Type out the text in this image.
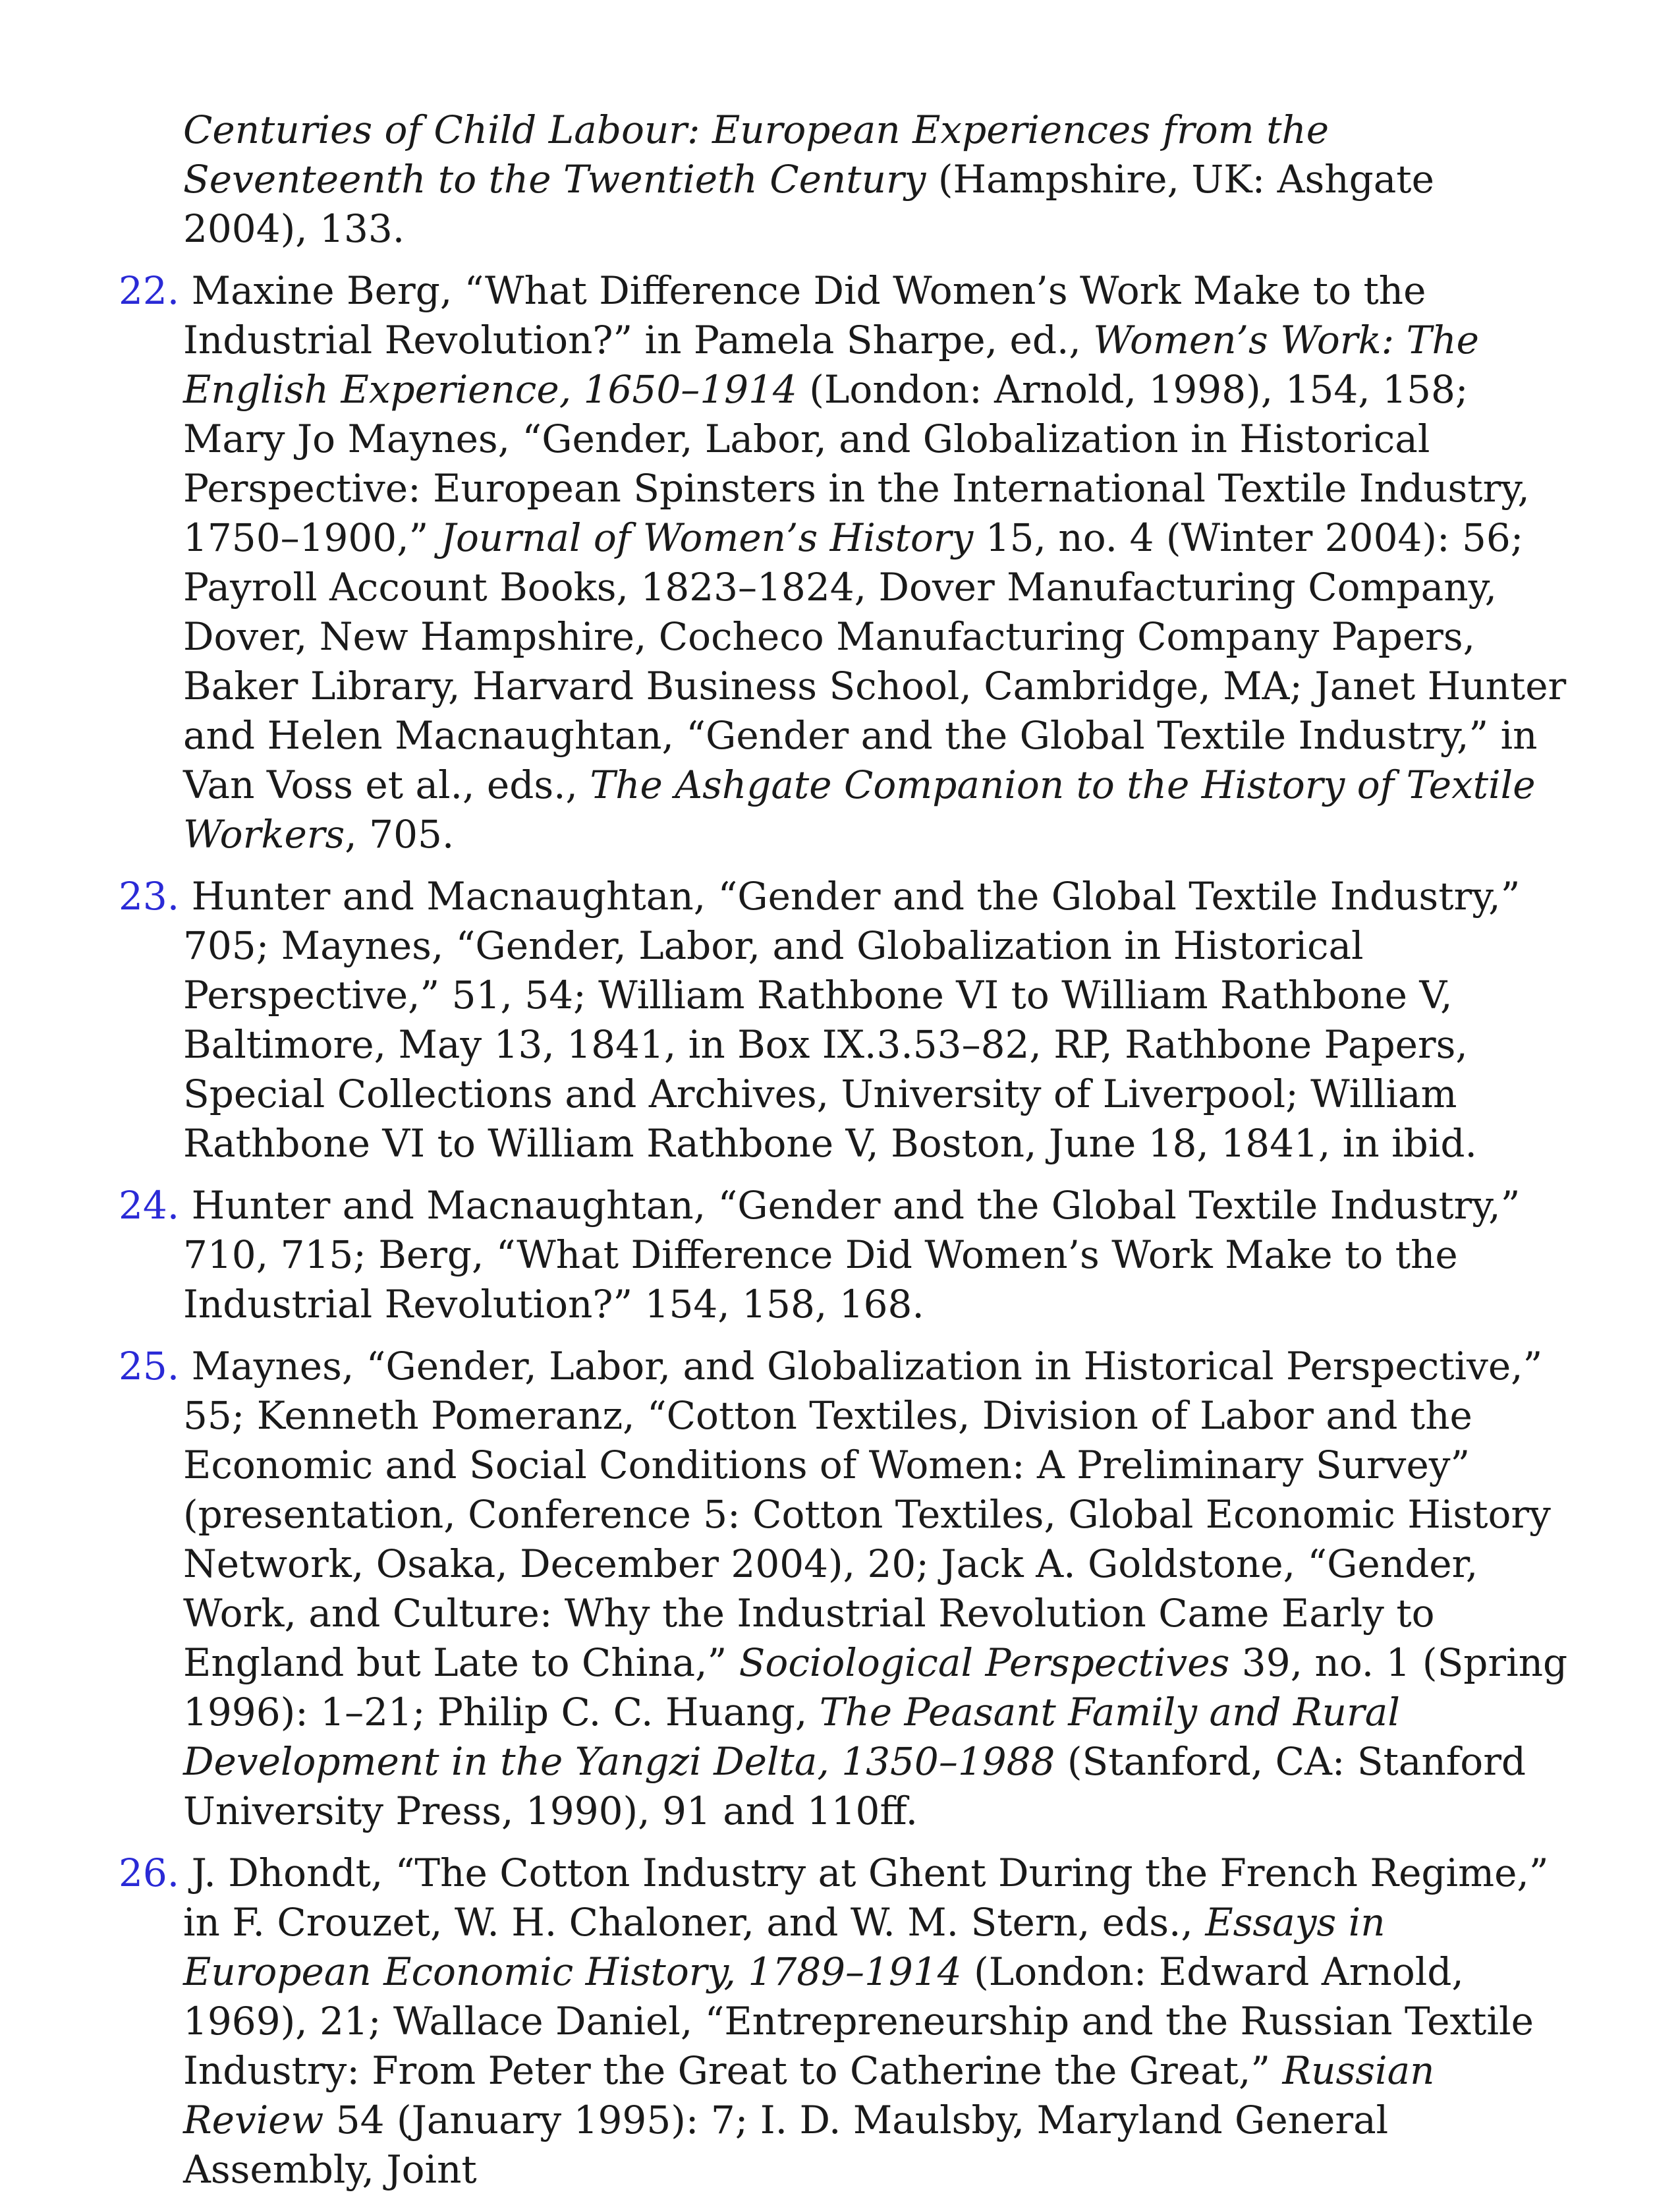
Centuries of Child Labour: European Experiences from the Seventeenth to the Twentieth Century (Hampshire, UK: Ashgate 2004), 133.

22. Maxine Berg, “What Difference Did Women’s Work Make to the Industrial Revolution?” in Pamela Sharpe, ed., Women’s Work: The English Experience, 1650–1914 (London: Arnold, 1998), 154, 158; Mary Jo Maynes, “Gender, Labor, and Globalization in Historical Perspective: European Spinsters in the International Textile Industry, 1750–1900,” Journal of Women’s History 15, no. 4 (Winter 2004): 56; Payroll Account Books, 1823–1824, Dover Manufacturing Company, Dover, New Hampshire, Cocheco Manufacturing Company Papers, Baker Library, Harvard Business School, Cambridge, MA; Janet Hunter and Helen Macnaughtan, “Gender and the Global Textile Industry,” in Van Voss et al., eds., The Ashgate Companion to the History of Textile Workers, 705.

23. Hunter and Macnaughtan, “Gender and the Global Textile Industry,” 705; Maynes, “Gender, Labor, and Globalization in Historical Perspective,” 51, 54; William Rathbone VI to William Rathbone V, Baltimore, May 13, 1841, in Box IX.3.53–82, RP, Rathbone Papers, Special Collections and Archives, University of Liverpool; William Rathbone VI to William Rathbone V, Boston, June 18, 1841, in ibid.

24. Hunter and Macnaughtan, “Gender and the Global Textile Industry,” 710, 715; Berg, “What Difference Did Women’s Work Make to the Industrial Revolution?” 154, 158, 168.

25. Maynes, “Gender, Labor, and Globalization in Historical Perspective,” 55; Kenneth Pomeranz, “Cotton Textiles, Division of Labor and the Economic and Social Conditions of Women: A Preliminary Survey” (presentation, Conference 5: Cotton Textiles, Global Economic History Network, Osaka, December 2004), 20; Jack A. Goldstone, “Gender, Work, and Culture: Why the Industrial Revolution Came Early to England but Late to China,” Sociological Perspectives 39, no. 1 (Spring 1996): 1–21; Philip C. C. Huang, The Peasant Family and Rural Development in the Yangzi Delta, 1350–1988 (Stanford, CA: Stanford University Press, 1990), 91 and 110ff.

26. J. Dhondt, “The Cotton Industry at Ghent During the French Regime,” in F. Crouzet, W. H. Chaloner, and W. M. Stern, eds., Essays in European Economic History, 1789–1914 (London: Edward Arnold, 1969), 21; Wallace Daniel, “Entrepreneurship and the Russian Textile Industry: From Peter the Great to Catherine the Great,” Russian Review 54 (January 1995): 7; I. D. Maulsby, Maryland General Assembly, Joint
